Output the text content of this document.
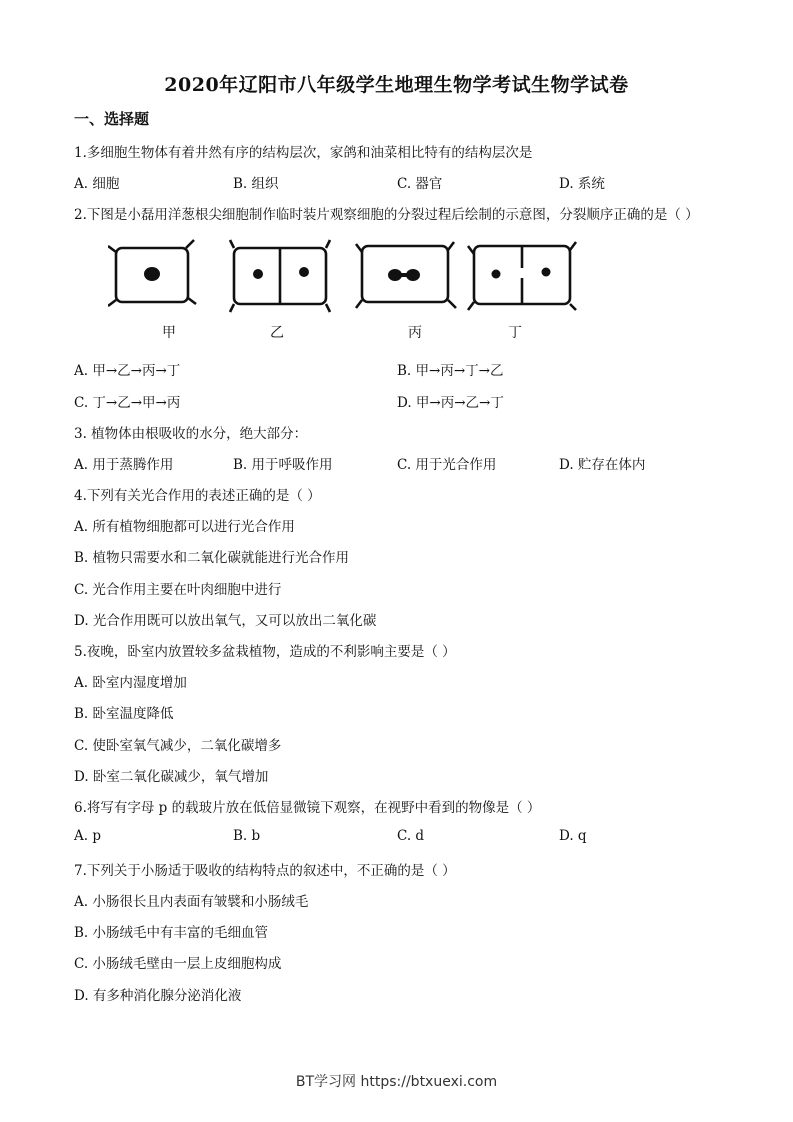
2020年辽阳市八年级学生地理生物学考试生物学试卷
一、选择题
1.多细胞生物体有着井然有序的结构层次，家鸽和油菜相比特有的结构层次是
A. 细胞	B. 组织	C. 器官	D. 系统
2.下图是小磊用洋葱根尖细胞制作临时装片观察细胞的分裂过程后绘制的示意图，分裂顺序正确的是（ ）
甲	乙	丙	丁
A. 甲→乙→丙→丁	B. 甲→丙→丁→乙
C. 丁→乙→甲→丙	D. 甲→丙→乙→丁
3. 植物体由根吸收的水分，绝大部分：
A. 用于蒸腾作用	B. 用于呼吸作用	C. 用于光合作用	D. 贮存在体内
4.下列有关光合作用的表述正确的是（ ）
A. 所有植物细胞都可以进行光合作用
B. 植物只需要水和二氧化碳就能进行光合作用
C. 光合作用主要在叶肉细胞中进行
D. 光合作用既可以放出氧气，又可以放出二氧化碳
5.夜晚，卧室内放置较多盆栽植物，造成的不利影响主要是（ ）
A. 卧室内湿度增加
B. 卧室温度降低
C. 使卧室氧气减少，二氧化碳增多
D. 卧室二氧化碳减少，氧气增加
6.将写有字母 p 的载玻片放在低倍显微镜下观察，在视野中看到的物像是（ ）
A. p	B. b	C. d	D. q
7.下列关于小肠适于吸收的结构特点的叙述中，不正确的是（ ）
A. 小肠很长且内表面有皱襞和小肠绒毛
B. 小肠绒毛中有丰富的毛细血管
C. 小肠绒毛壁由一层上皮细胞构成
D. 有多种消化腺分泌消化液
BT学习网 https://btxuexi.com
